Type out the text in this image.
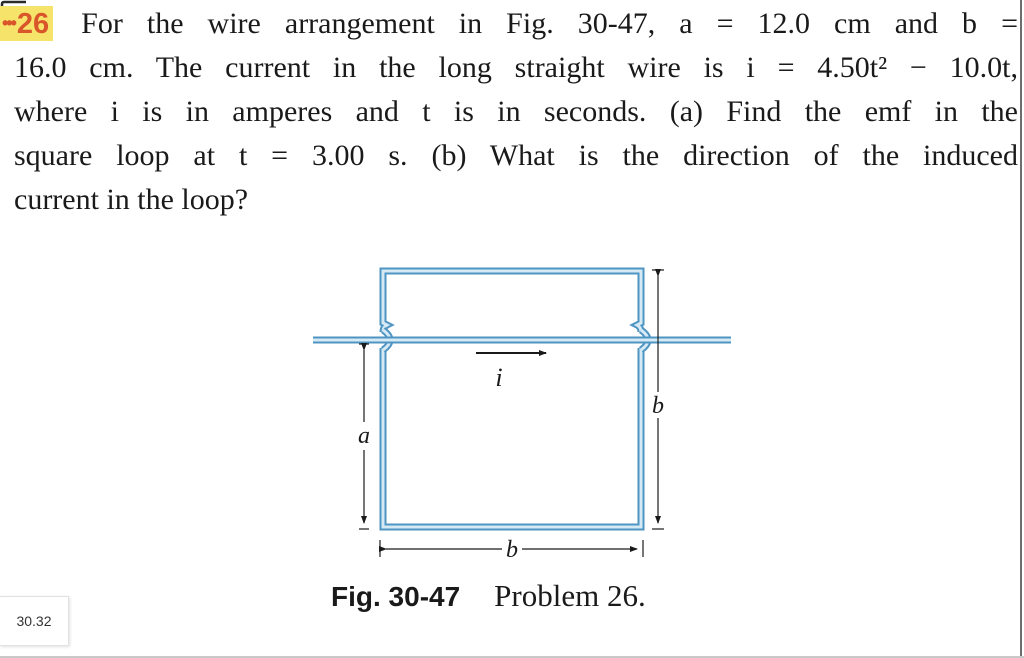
•••26 For the wire arrangement in Fig. 30-47, a = 12.0 cm and b =
16.0 cm. The current in the long straight wire is i = 4.50t² − 10.0t,
where i is in amperes and t is in seconds. (a) Find the emf in the
square loop at t = 3.00 s. (b) What is the direction of the induced
current in the loop?
i
a
b
b
Fig. 30-47 Problem 26.
30.32
